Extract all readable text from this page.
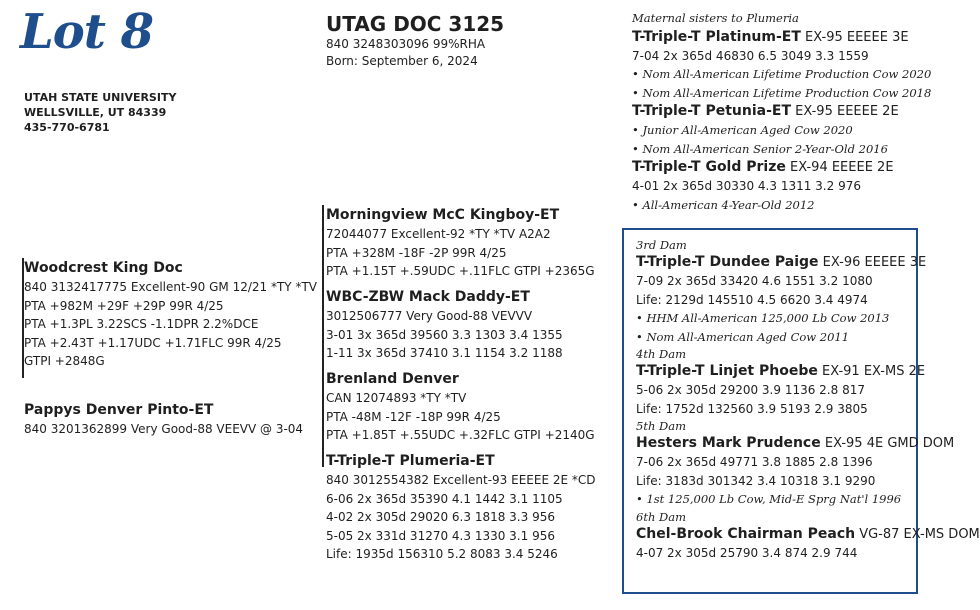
Lot 8
UTAH STATE UNIVERSITY
WELLSVILLE, UT 84339
435-770-6781
UTAG DOC 3125
840 3248303096 99%RHA
Born: September 6, 2024
Woodcrest King Doc
840 3132417775 Excellent-90 GM 12/21 *TY *TV
PTA +982M +29F +29P 99R 4/25
PTA +1.3PL 3.22SCS -1.1DPR 2.2%DCE
PTA +2.43T +1.17UDC +1.71FLC 99R 4/25
GTPI +2848G
Pappys Denver Pinto-ET
840 3201362899 Very Good-88 VEEVV @ 3-04
Morningview McC Kingboy-ET
72044077 Excellent-92 *TY *TV A2A2
PTA +328M -18F -2P 99R 4/25
PTA +1.15T +.59UDC +.11FLC GTPI +2365G
WBC-ZBW Mack Daddy-ET
3012506777 Very Good-88 VEVVV
3-01 3x 365d 39560 3.3 1303 3.4 1355
1-11 3x 365d 37410 3.1 1154 3.2 1188
Brenland Denver
CAN 12074893 *TY *TV
PTA -48M -12F -18P 99R 4/25
PTA +1.85T +.55UDC +.32FLC GTPI +2140G
T-Triple-T Plumeria-ET
840 3012554382 Excellent-93 EEEEE 2E *CD
6-06 2x 365d 35390 4.1 1442 3.1 1105
4-02 2x 305d 29020 6.3 1818 3.3 956
5-05 2x 331d 31270 4.3 1330 3.1 956
Life: 1935d 156310 5.2 8083 3.4 5246
Maternal sisters to Plumeria
T-Triple-T Platinum-ET EX-95 EEEEE 3E
7-04 2x 365d 46830 6.5 3049 3.3 1559
• Nom All-American Lifetime Production Cow 2020
• Nom All-American Lifetime Production Cow 2018
T-Triple-T Petunia-ET EX-95 EEEEE 2E
• Junior All-American Aged Cow 2020
• Nom All-American Senior 2-Year-Old 2016
T-Triple-T Gold Prize EX-94 EEEEE 2E
4-01 2x 365d 30330 4.3 1311 3.2 976
• All-American 4-Year-Old 2012
3rd Dam
T-Triple-T Dundee Paige EX-96 EEEEE 3E
7-09 2x 365d 33420 4.6 1551 3.2 1080
Life: 2129d 145510 4.5 6620 3.4 4974
• HHM All-American 125,000 Lb Cow 2013
• Nom All-American Aged Cow 2011
4th Dam
T-Triple-T Linjet Phoebe EX-91 EX-MS 2E
5-06 2x 305d 29200 3.9 1136 2.8 817
Life: 1752d 132560 3.9 5193 2.9 3805
5th Dam
Hesters Mark Prudence EX-95 4E GMD DOM
7-06 2x 365d 49771 3.8 1885 2.8 1396
Life: 3183d 301342 3.4 10318 3.1 9290
• 1st 125,000 Lb Cow, Mid-E Sprg Nat'l 1996
6th Dam
Chel-Brook Chairman Peach VG-87 EX-MS DOM
4-07 2x 305d 25790 3.4 874 2.9 744
